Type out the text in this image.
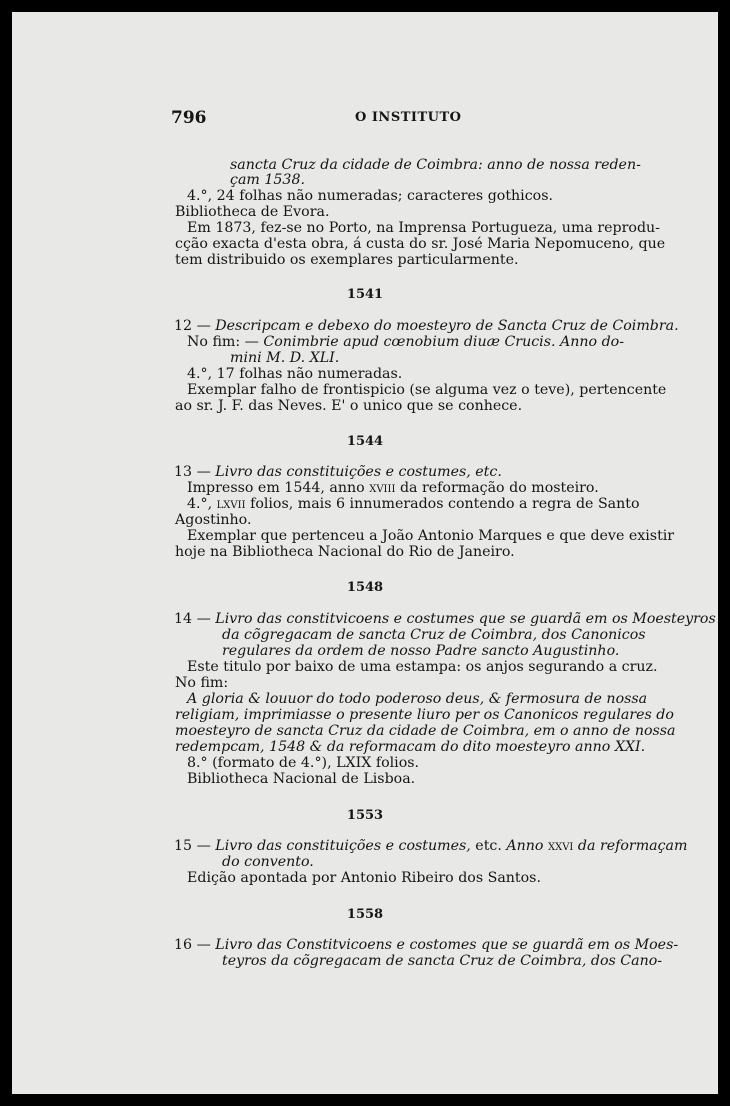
796	O INSTITUTO
sancta Cruz da cidade de Coimbra: anno de nossa reden-
çam 1538.
4.°, 24 folhas não numeradas; caracteres gothicos.
Bibliotheca de Evora.
Em 1873, fez-se no Porto, na Imprensa Portugueza, uma reprodu-
cção exacta d'esta obra, á custa do sr. José Maria Nepomuceno, que
tem distribuido os exemplares particularmente.
1541
12 — Descripcam e debexo do moesteyro de Sancta Cruz de Coimbra.
No fim: — Conimbrie apud cœnobium diuæ Crucis. Anno do-
mini M. D. XLI.
4.°, 17 folhas não numeradas.
Exemplar falho de frontispicio (se alguma vez o teve), pertencente
ao sr. J. F. das Neves. E' o unico que se conhece.
1544
13 — Livro das constituições e costumes, etc.
Impresso em 1544, anno xviii da reformação do mosteiro.
4.°, lxvii folios, mais 6 innumerados contendo a regra de Santo
Agostinho.
Exemplar que pertenceu a João Antonio Marques e que deve existir
hoje na Bibliotheca Nacional do Rio de Janeiro.
1548
14 — Livro das constitvicoens e costumes que se guardã em os Moesteyros
da cõgregacam de sancta Cruz de Coimbra, dos Canonicos
regulares da ordem de nosso Padre sancto Augustinho.
Este titulo por baixo de uma estampa: os anjos segurando a cruz.
No fim:
A gloria & louuor do todo poderoso deus, & fermosura de nossa
religiam, imprimiasse o presente liuro per os Canonicos regulares do
moesteyro de sancta Cruz da cidade de Coimbra, em o anno de nossa
redempcam, 1548 & da reformacam do dito moesteyro anno XXI.
8.° (formato de 4.°), LXIX folios.
Bibliotheca Nacional de Lisboa.
1553
15 — Livro das constituições e costumes, etc. Anno xxvi da reformaçam
do convento.
Edição apontada por Antonio Ribeiro dos Santos.
1558
16 — Livro das Constitvicoens e costomes que se guardã em os Moes-
teyros da cõgregacam de sancta Cruz de Coimbra, dos Cano-
